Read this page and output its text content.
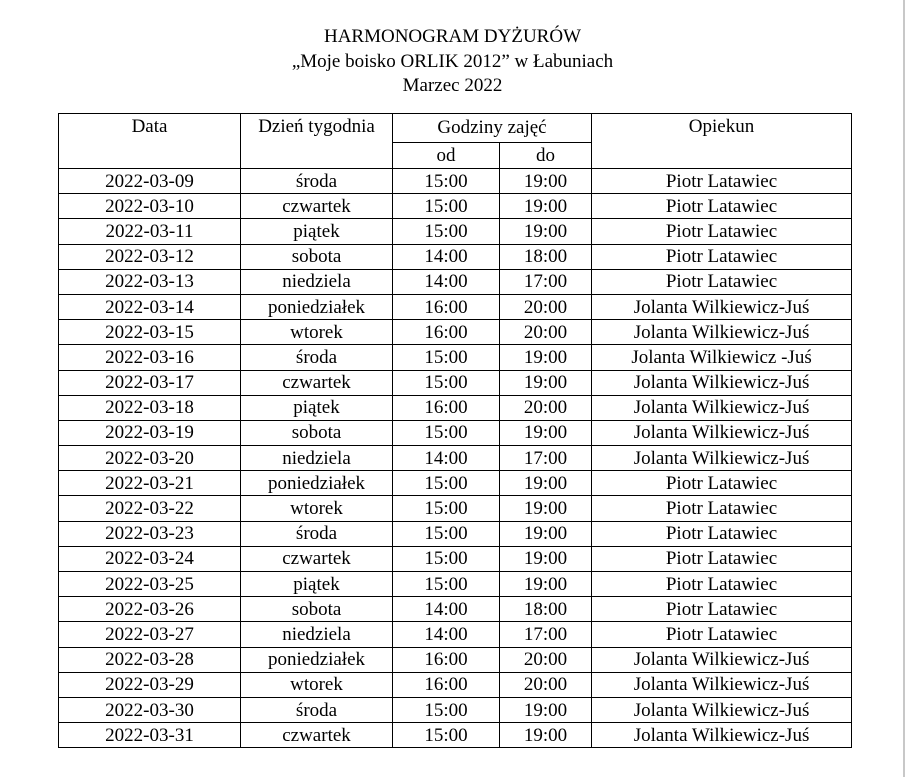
HARMONOGRAM DYŻURÓW
„Moje boisko ORLIK 2012” w Łabuniach
Marzec 2022
Data	Dzień tygodnia	Godziny zajęć		Opiekun
		od	do	
2022-03-09	środa	15:00	19:00	Piotr Latawiec
2022-03-10	czwartek	15:00	19:00	Piotr Latawiec
2022-03-11	piątek	15:00	19:00	Piotr Latawiec
2022-03-12	sobota	14:00	18:00	Piotr Latawiec
2022-03-13	niedziela	14:00	17:00	Piotr Latawiec
2022-03-14	poniedziałek	16:00	20:00	Jolanta Wilkiewicz-Juś
2022-03-15	wtorek	16:00	20:00	Jolanta Wilkiewicz-Juś
2022-03-16	środa	15:00	19:00	Jolanta Wilkiewicz -Juś
2022-03-17	czwartek	15:00	19:00	Jolanta Wilkiewicz-Juś
2022-03-18	piątek	16:00	20:00	Jolanta Wilkiewicz-Juś
2022-03-19	sobota	15:00	19:00	Jolanta Wilkiewicz-Juś
2022-03-20	niedziela	14:00	17:00	Jolanta Wilkiewicz-Juś
2022-03-21	poniedziałek	15:00	19:00	Piotr Latawiec
2022-03-22	wtorek	15:00	19:00	Piotr Latawiec
2022-03-23	środa	15:00	19:00	Piotr Latawiec
2022-03-24	czwartek	15:00	19:00	Piotr Latawiec
2022-03-25	piątek	15:00	19:00	Piotr Latawiec
2022-03-26	sobota	14:00	18:00	Piotr Latawiec
2022-03-27	niedziela	14:00	17:00	Piotr Latawiec
2022-03-28	poniedziałek	16:00	20:00	Jolanta Wilkiewicz-Juś
2022-03-29	wtorek	16:00	20:00	Jolanta Wilkiewicz-Juś
2022-03-30	środa	15:00	19:00	Jolanta Wilkiewicz-Juś
2022-03-31	czwartek	15:00	19:00	Jolanta Wilkiewicz-Juś
